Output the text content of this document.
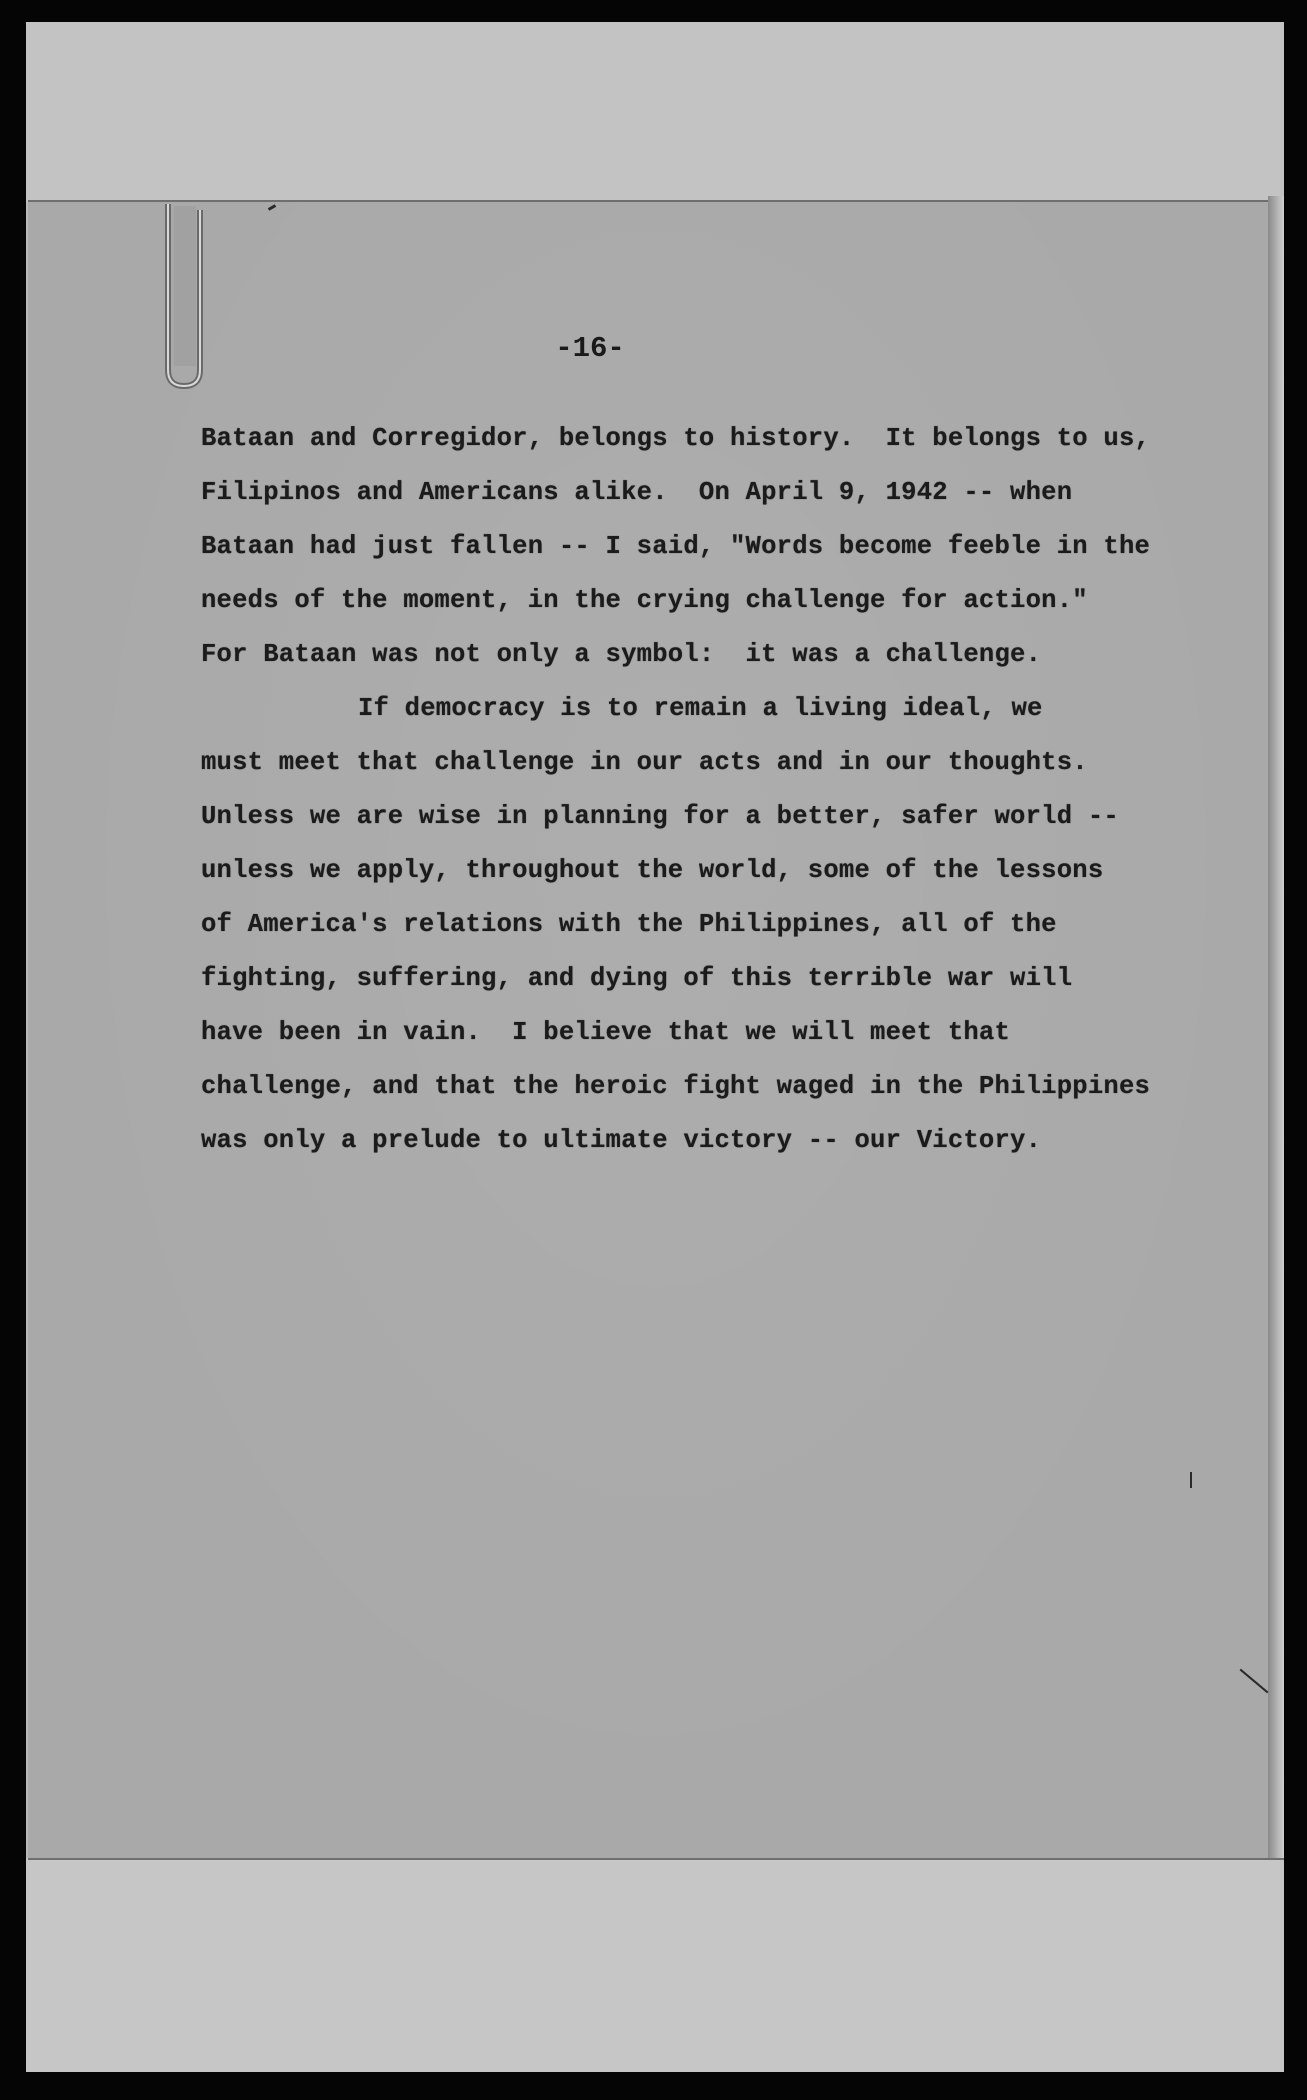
-16-
Bataan and Corregidor, belongs to history.  It belongs to us,
Filipinos and Americans alike.  On April 9, 1942 -- when
Bataan had just fallen -- I said, "Words become feeble in the
needs of the moment, in the crying challenge for action."
For Bataan was not only a symbol:  it was a challenge.
If democracy is to remain a living ideal, we
must meet that challenge in our acts and in our thoughts.
Unless we are wise in planning for a better, safer world --
unless we apply, throughout the world, some of the lessons
of America's relations with the Philippines, all of the
fighting, suffering, and dying of this terrible war will
have been in vain.  I believe that we will meet that
challenge, and that the heroic fight waged in the Philippines
was only a prelude to ultimate victory -- our Victory.
